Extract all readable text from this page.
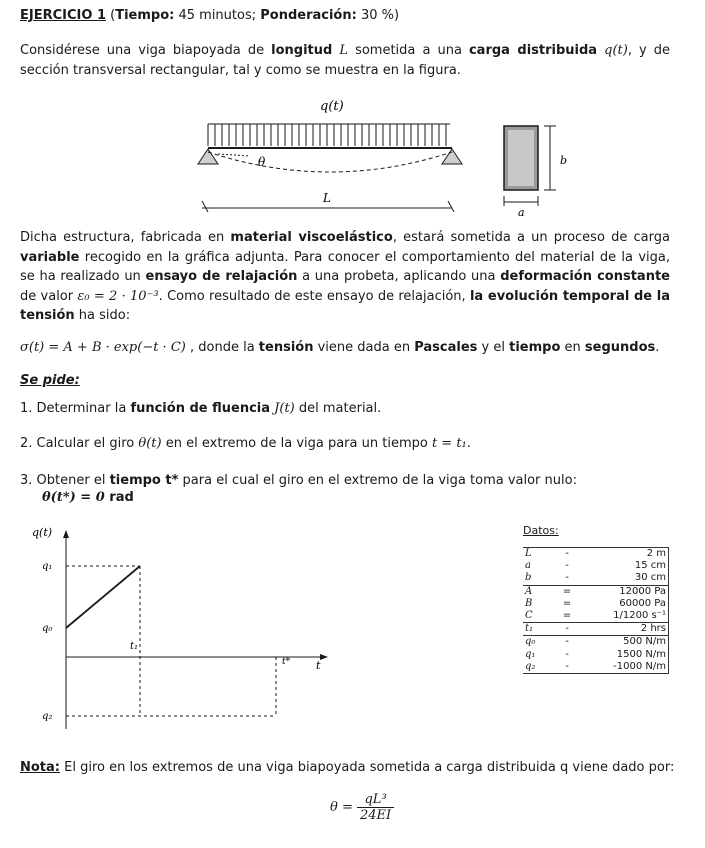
EJERCICIO 1 (Tiempo: 45 minutos; Ponderación: 30 %)
Considérese una viga biapoyada de longitud L sometida a una carga distribuida q(t), y de sección transversal rectangular, tal y como se muestra en la figura.
q(t)
θ
L
b
a
Dicha estructura, fabricada en material viscoelástico, estará sometida a un proceso de carga variable recogido en la gráfica adjunta. Para conocer el comportamiento del material de la viga, se ha realizado un ensayo de relajación a una probeta, aplicando una deformación constante de valor ε₀ = 2 · 10⁻³. Como resultado de este ensayo de relajación, la evolución temporal de la tensión ha sido:
σ(t) = A + B · exp(−t · C) , donde la tensión viene dada en Pascales y el tiempo en segundos.
Se pide:
1. Determinar la función de fluencia J(t) del material.
2. Calcular el giro θ(t) en el extremo de la viga para un tiempo t = t₁.
3. Obtener el tiempo t* para el cual el giro en el extremo de la viga toma valor nulo:
θ(t*) = 0 rad
q(t)
t
q₁
q₀
q₂
t₁
t*
Datos:
L	-	2 m
a	-	15 cm
b	-	30 cm
A	=	12000 Pa
B	=	60000 Pa
C	=	1/1200 s⁻¹
t₁	-	2 hrs
q₀	-	500 N/m
q₁	-	1500 N/m
q₂	-	-1000 N/m
Nota: El giro en los extremos de una viga biapoyada sometida a carga distribuida q viene dado por:
$\theta = \frac{\text{qL³}}{24EI}$
